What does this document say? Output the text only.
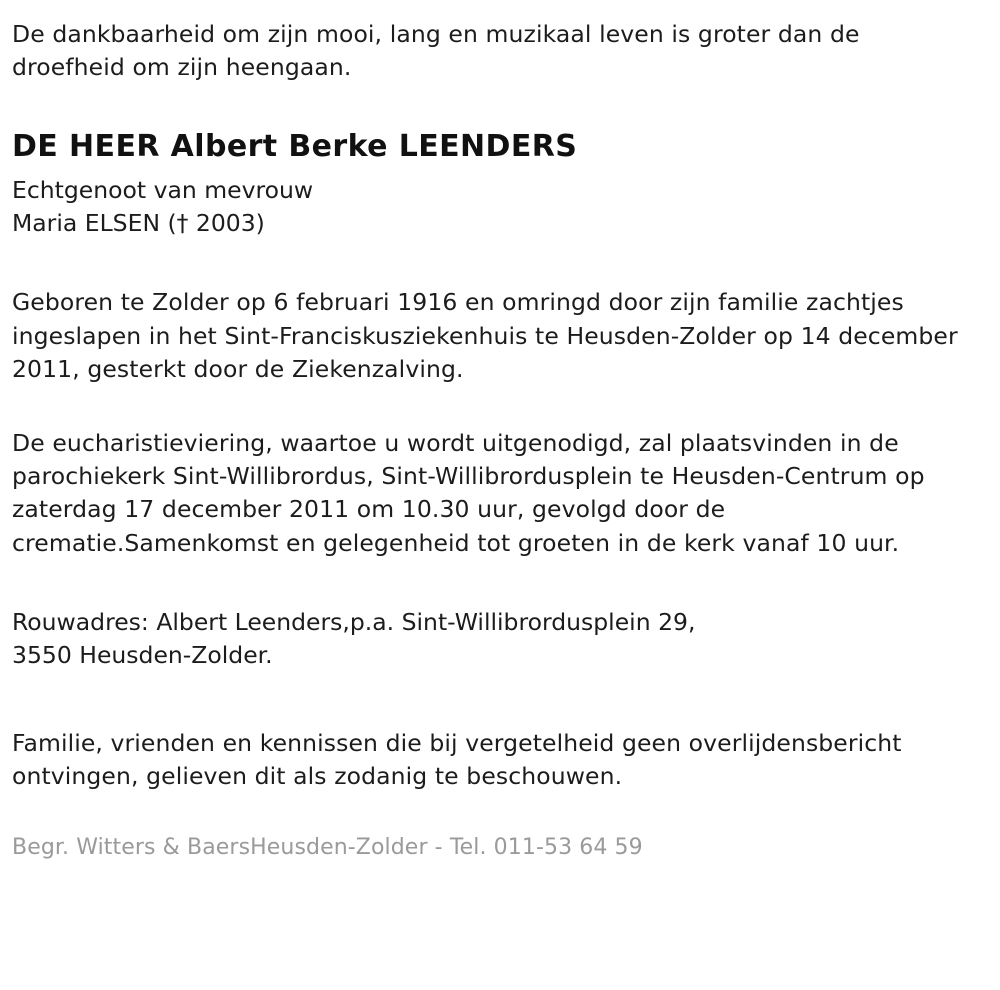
De dankbaarheid om zijn mooi, lang en muzikaal leven is groter dan de droefheid om zijn heengaan.

DE HEER Albert Berke LEENDERS
Echtgenoot van mevrouw
Maria ELSEN († 2003)

Geboren te Zolder op 6 februari 1916 en omringd door zijn familie zachtjes ingeslapen in het Sint-Franciskusziekenhuis te Heusden-Zolder op 14 december 2011, gesterkt door de Ziekenzalving.

De eucharistieviering, waartoe u wordt uitgenodigd, zal plaatsvinden in de parochiekerk Sint-Willibrordus, Sint-Willibrordusplein te Heusden-Centrum op zaterdag 17 december 2011 om 10.30 uur, gevolgd door de crematie.Samenkomst en gelegenheid tot groeten in de kerk vanaf 10 uur.

Rouwadres: Albert Leenders,p.a. Sint-Willibrordusplein 29,
3550 Heusden-Zolder.

Familie, vrienden en kennissen die bij vergetelheid geen overlijdensbericht ontvingen, gelieven dit als zodanig te beschouwen.

Begr. Witters & BaersHeusden-Zolder - Tel. 011-53 64 59
